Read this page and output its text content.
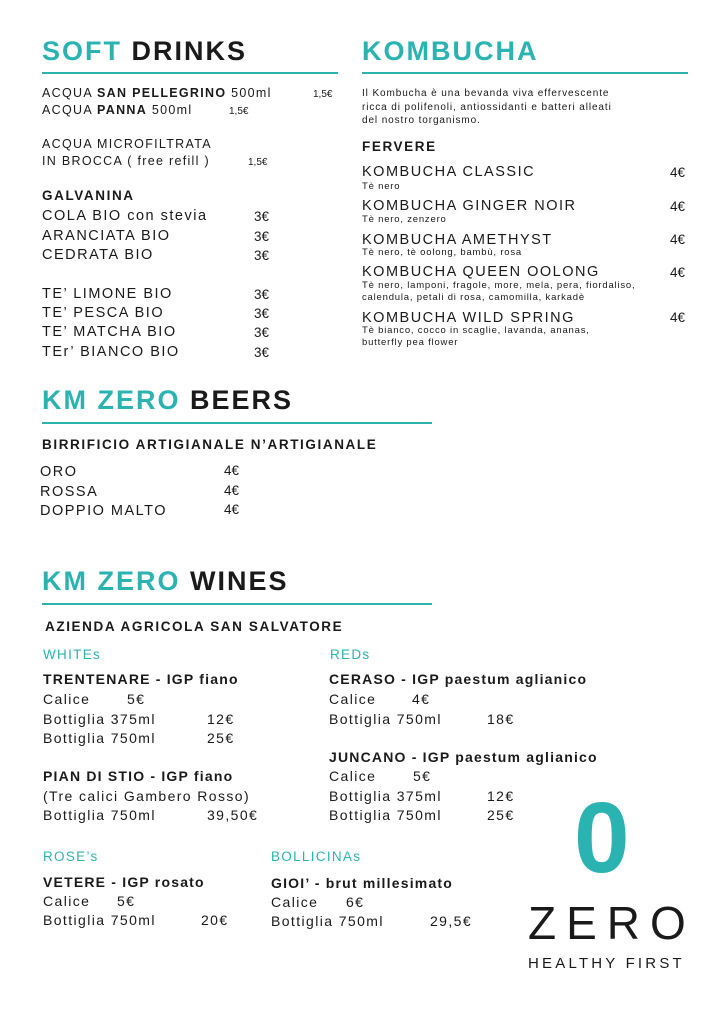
SOFT DRINKS
ACQUA SAN PELLEGRINO 500ml	1,5€
ACQUA PANNA 500ml	1,5€
ACQUA MICROFILTRATA
IN BROCCA ( free refill )	1,5€
GALVANINA
COLA BIO con stevia	3€
ARANCIATA BIO	3€
CEDRATA BIO	3€
TE’ LIMONE BIO	3€
TE’ PESCA BIO	3€
TE’ MATCHA BIO	3€
TEr’ BIANCO BIO	3€
KOMBUCHA
Il Kombucha è una bevanda viva effervescente
ricca di polifenoli, antiossidanti e batteri alleati
del nostro torganismo.
FERVERE
KOMBUCHA CLASSIC	4€
Tè nero
KOMBUCHA GINGER NOIR	4€
Tè nero, zenzero
KOMBUCHA AMETHYST	4€
Tè nero, tè oolong, bambù, rosa
KOMBUCHA QUEEN OOLONG	4€
Tè nero, lamponi, fragole, more, mela, pera, fiordaliso,
calendula, petali di rosa, camomilla, karkadè
KOMBUCHA WILD SPRING	4€
Tè bianco, cocco in scaglie, lavanda, ananas,
butterfly pea flower
KM ZERO BEERS
BIRRIFICIO ARTIGIANALE N’ARTIGIANALE
ORO	4€
ROSSA	4€
DOPPIO MALTO	4€
KM ZERO WINES
AZIENDA AGRICOLA SAN SALVATORE
WHITEs	REDs
TRENTENARE - IGP fiano
Calice	5€
Bottiglia 375ml	12€
Bottiglia 750ml	25€
PIAN DI STIO - IGP fiano
(Tre calici Gambero Rosso)
Bottiglia 750ml	39,50€
CERASO - IGP paestum aglianico
Calice	4€
Bottiglia 750ml	18€
JUNCANO - IGP paestum aglianico
Calice	5€
Bottiglia 375ml	12€
Bottiglia 750ml	25€
ROSE’s	BOLLICINAs
VETERE - IGP rosato
Calice 5€
Bottiglia 750ml	20€
GIOI’ - brut millesimato
Calice 6€
Bottiglia 750ml	29,5€
0
ZERO
HEALTHY FIRST
